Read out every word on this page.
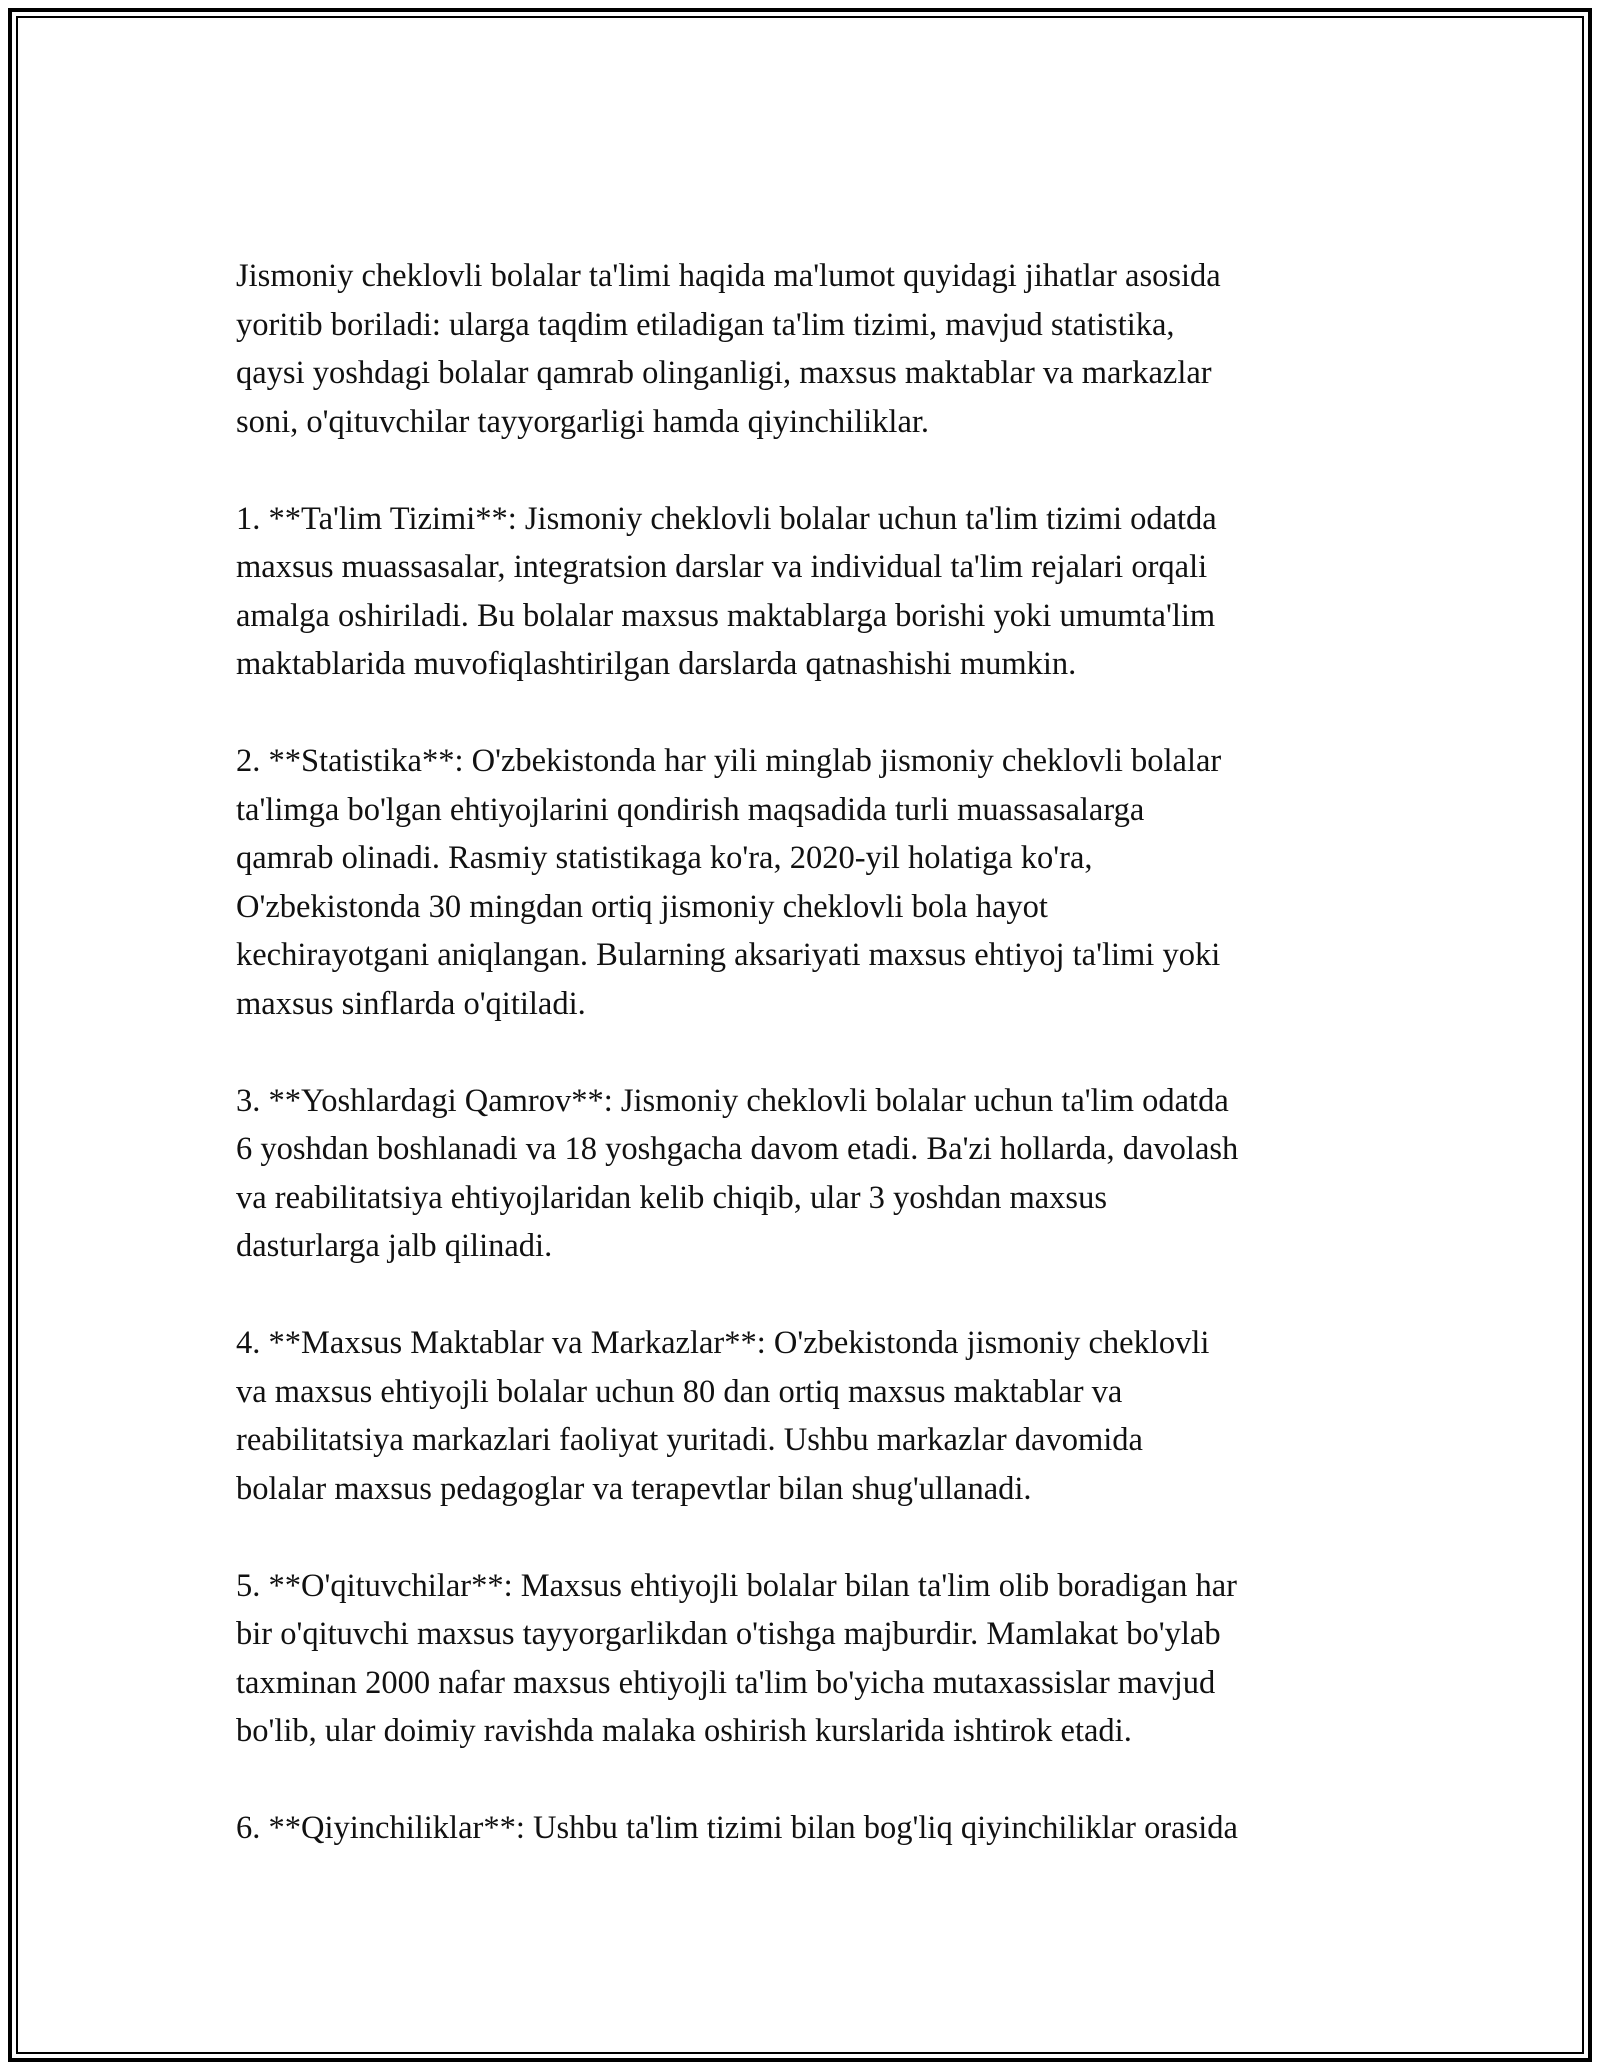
Jismoniy cheklovli bolalar ta'limi haqida ma'lumot quyidagi jihatlar asosida
yoritib boriladi: ularga taqdim etiladigan ta'lim tizimi, mavjud statistika,
qaysi yoshdagi bolalar qamrab olinganligi, maxsus maktablar va markazlar
soni, o'qituvchilar tayyorgarligi hamda qiyinchiliklar.

1. **Ta'lim Tizimi**: Jismoniy cheklovli bolalar uchun ta'lim tizimi odatda
maxsus muassasalar, integratsion darslar va individual ta'lim rejalari orqali
amalga oshiriladi. Bu bolalar maxsus maktablarga borishi yoki umumta'lim
maktablarida muvofiqlashtirilgan darslarda qatnashishi mumkin.

2. **Statistika**: O'zbekistonda har yili minglab jismoniy cheklovli bolalar
ta'limga bo'lgan ehtiyojlarini qondirish maqsadida turli muassasalarga
qamrab olinadi. Rasmiy statistikaga ko'ra, 2020-yil holatiga ko'ra,
O'zbekistonda 30 mingdan ortiq jismoniy cheklovli bola hayot
kechirayotgani aniqlangan. Bularning aksariyati maxsus ehtiyoj ta'limi yoki
maxsus sinflarda o'qitiladi.

3. **Yoshlardagi Qamrov**: Jismoniy cheklovli bolalar uchun ta'lim odatda
6 yoshdan boshlanadi va 18 yoshgacha davom etadi. Ba'zi hollarda, davolash
va reabilitatsiya ehtiyojlaridan kelib chiqib, ular 3 yoshdan maxsus
dasturlarga jalb qilinadi.

4. **Maxsus Maktablar va Markazlar**: O'zbekistonda jismoniy cheklovli
va maxsus ehtiyojli bolalar uchun 80 dan ortiq maxsus maktablar va
reabilitatsiya markazlari faoliyat yuritadi. Ushbu markazlar davomida
bolalar maxsus pedagoglar va terapevtlar bilan shug'ullanadi.

5. **O'qituvchilar**: Maxsus ehtiyojli bolalar bilan ta'lim olib boradigan har
bir o'qituvchi maxsus tayyorgarlikdan o'tishga majburdir. Mamlakat bo'ylab
taxminan 2000 nafar maxsus ehtiyojli ta'lim bo'yicha mutaxassislar mavjud
bo'lib, ular doimiy ravishda malaka oshirish kurslarida ishtirok etadi.

6. **Qiyinchiliklar**: Ushbu ta'lim tizimi bilan bog'liq qiyinchiliklar orasida
